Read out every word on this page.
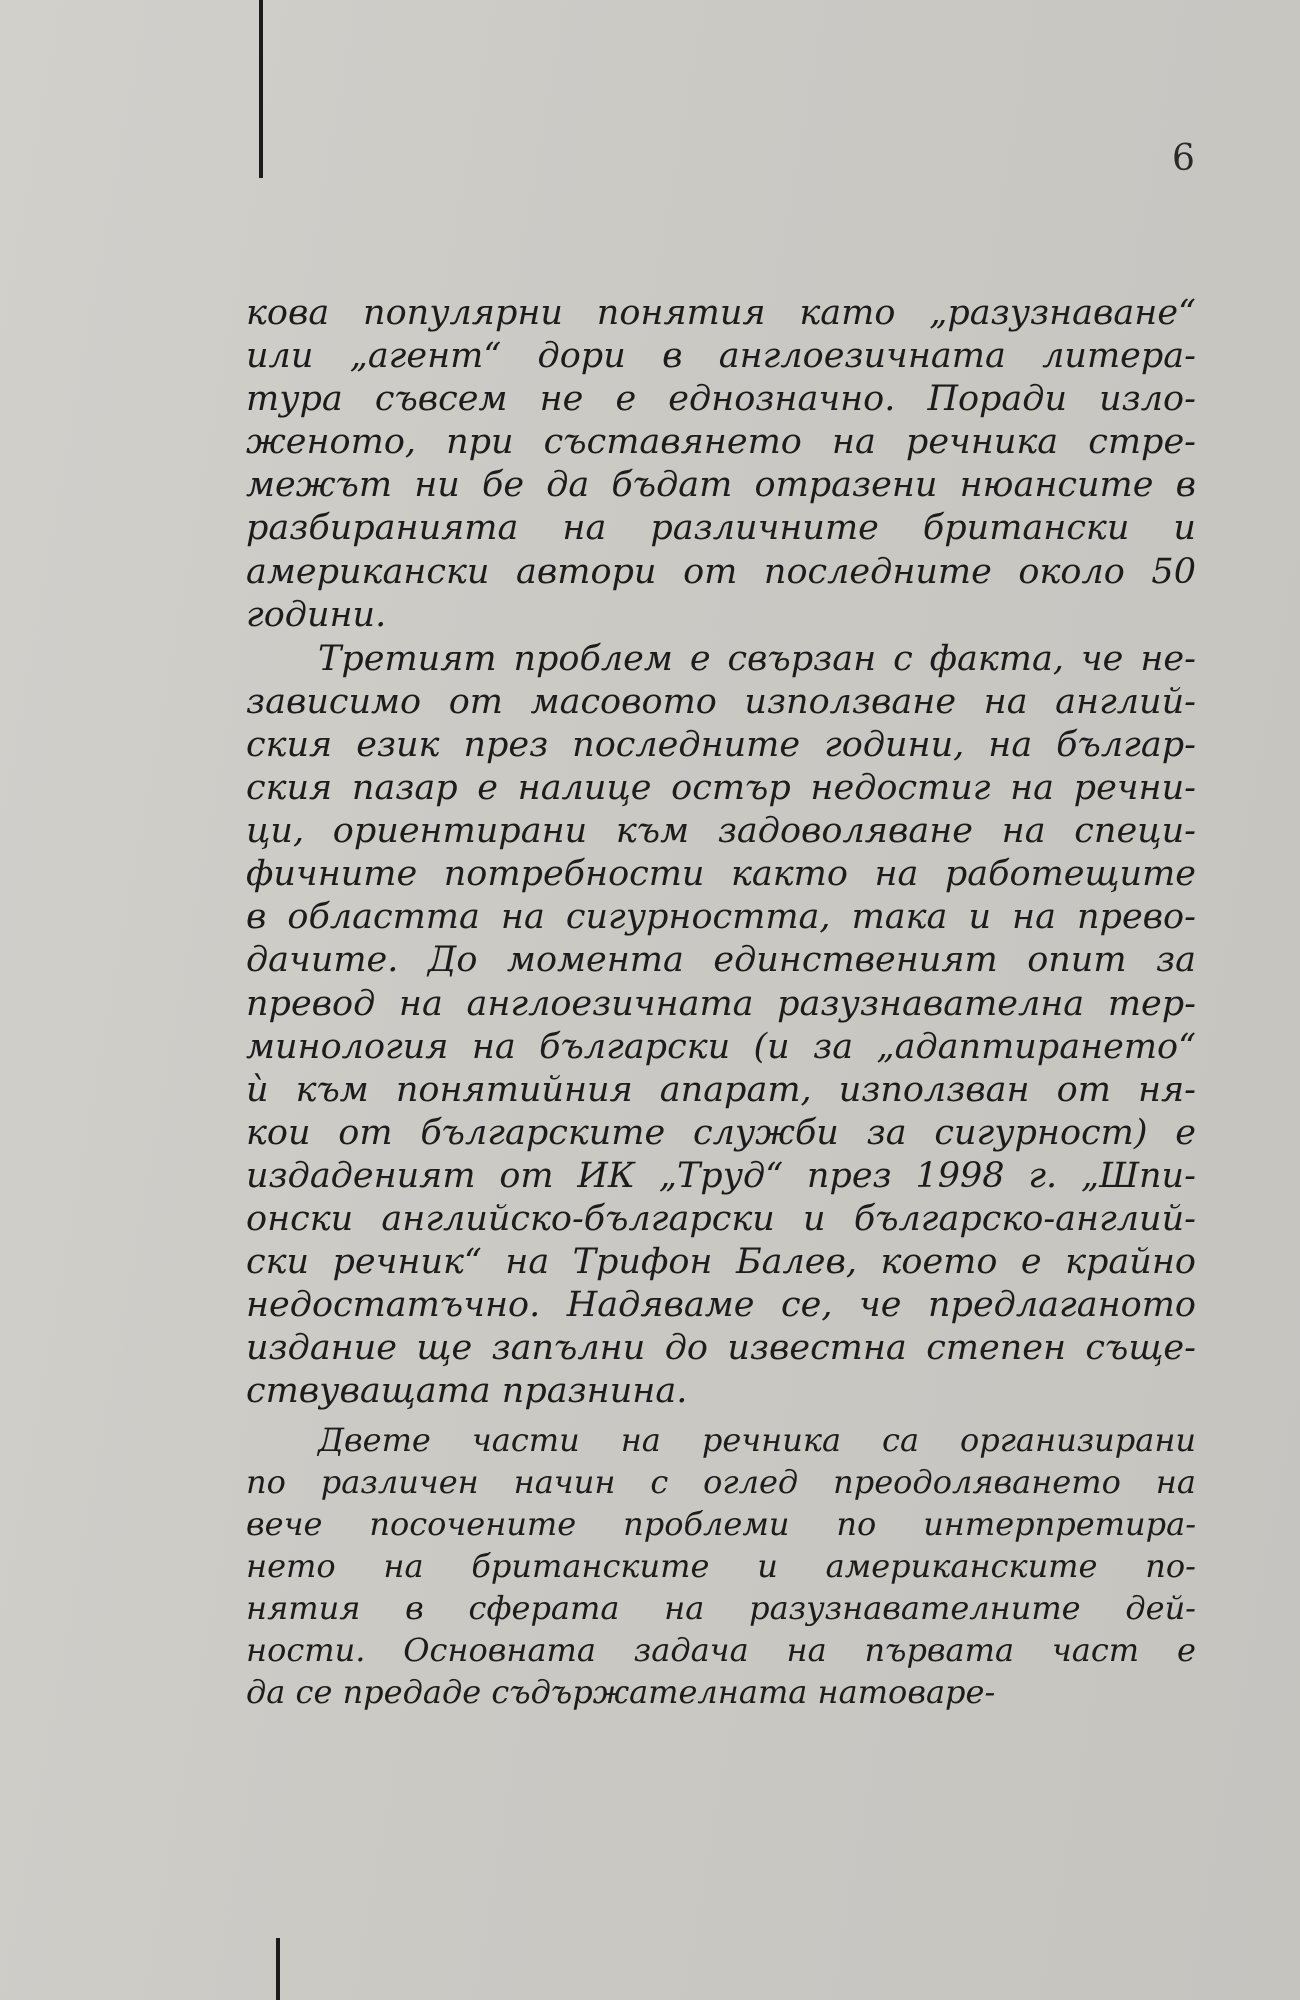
6
кова популярни понятия като „разузнаване“
или „агент“ дори в англоезичната литера-
тура съвсем не е еднозначно. Поради изло-
женото, при съставянето на речника стре-
межът ни бе да бъдат отразени нюансите в
разбиранията на различните британски и
американски автори от последните около 50
години.
Третият проблем е свързан с факта, че не-
зависимо от масовото използване на англий-
ския език през последните години, на българ-
ския пазар е налице остър недостиг на речни-
ци, ориентирани към задоволяване на специ-
фичните потребности както на работещите
в областта на сигурността, така и на прево-
дачите. До момента единственият опит за
превод на англоезичната разузнавателна тер-
минология на български (и за „адаптирането“
ѝ към понятийния апарат, използван от ня-
кои от българските служби за сигурност) е
издаденият от ИК „Труд“ през 1998 г. „Шпи-
онски английско-български и българско-англий-
ски речник“ на Трифон Балев, което е крайно
недостатъчно. Надяваме се, че предлаганото
издание ще запълни до известна степен съще-
ствуващата празнина.
Двете части на речника са организирани
по различен начин с оглед преодоляването на
вече посочените проблеми по интерпретира-
нето на британските и американските по-
нятия в сферата на разузнавателните дей-
ности. Основната задача на първата част е
да се предаде съдържателната натоваре-
